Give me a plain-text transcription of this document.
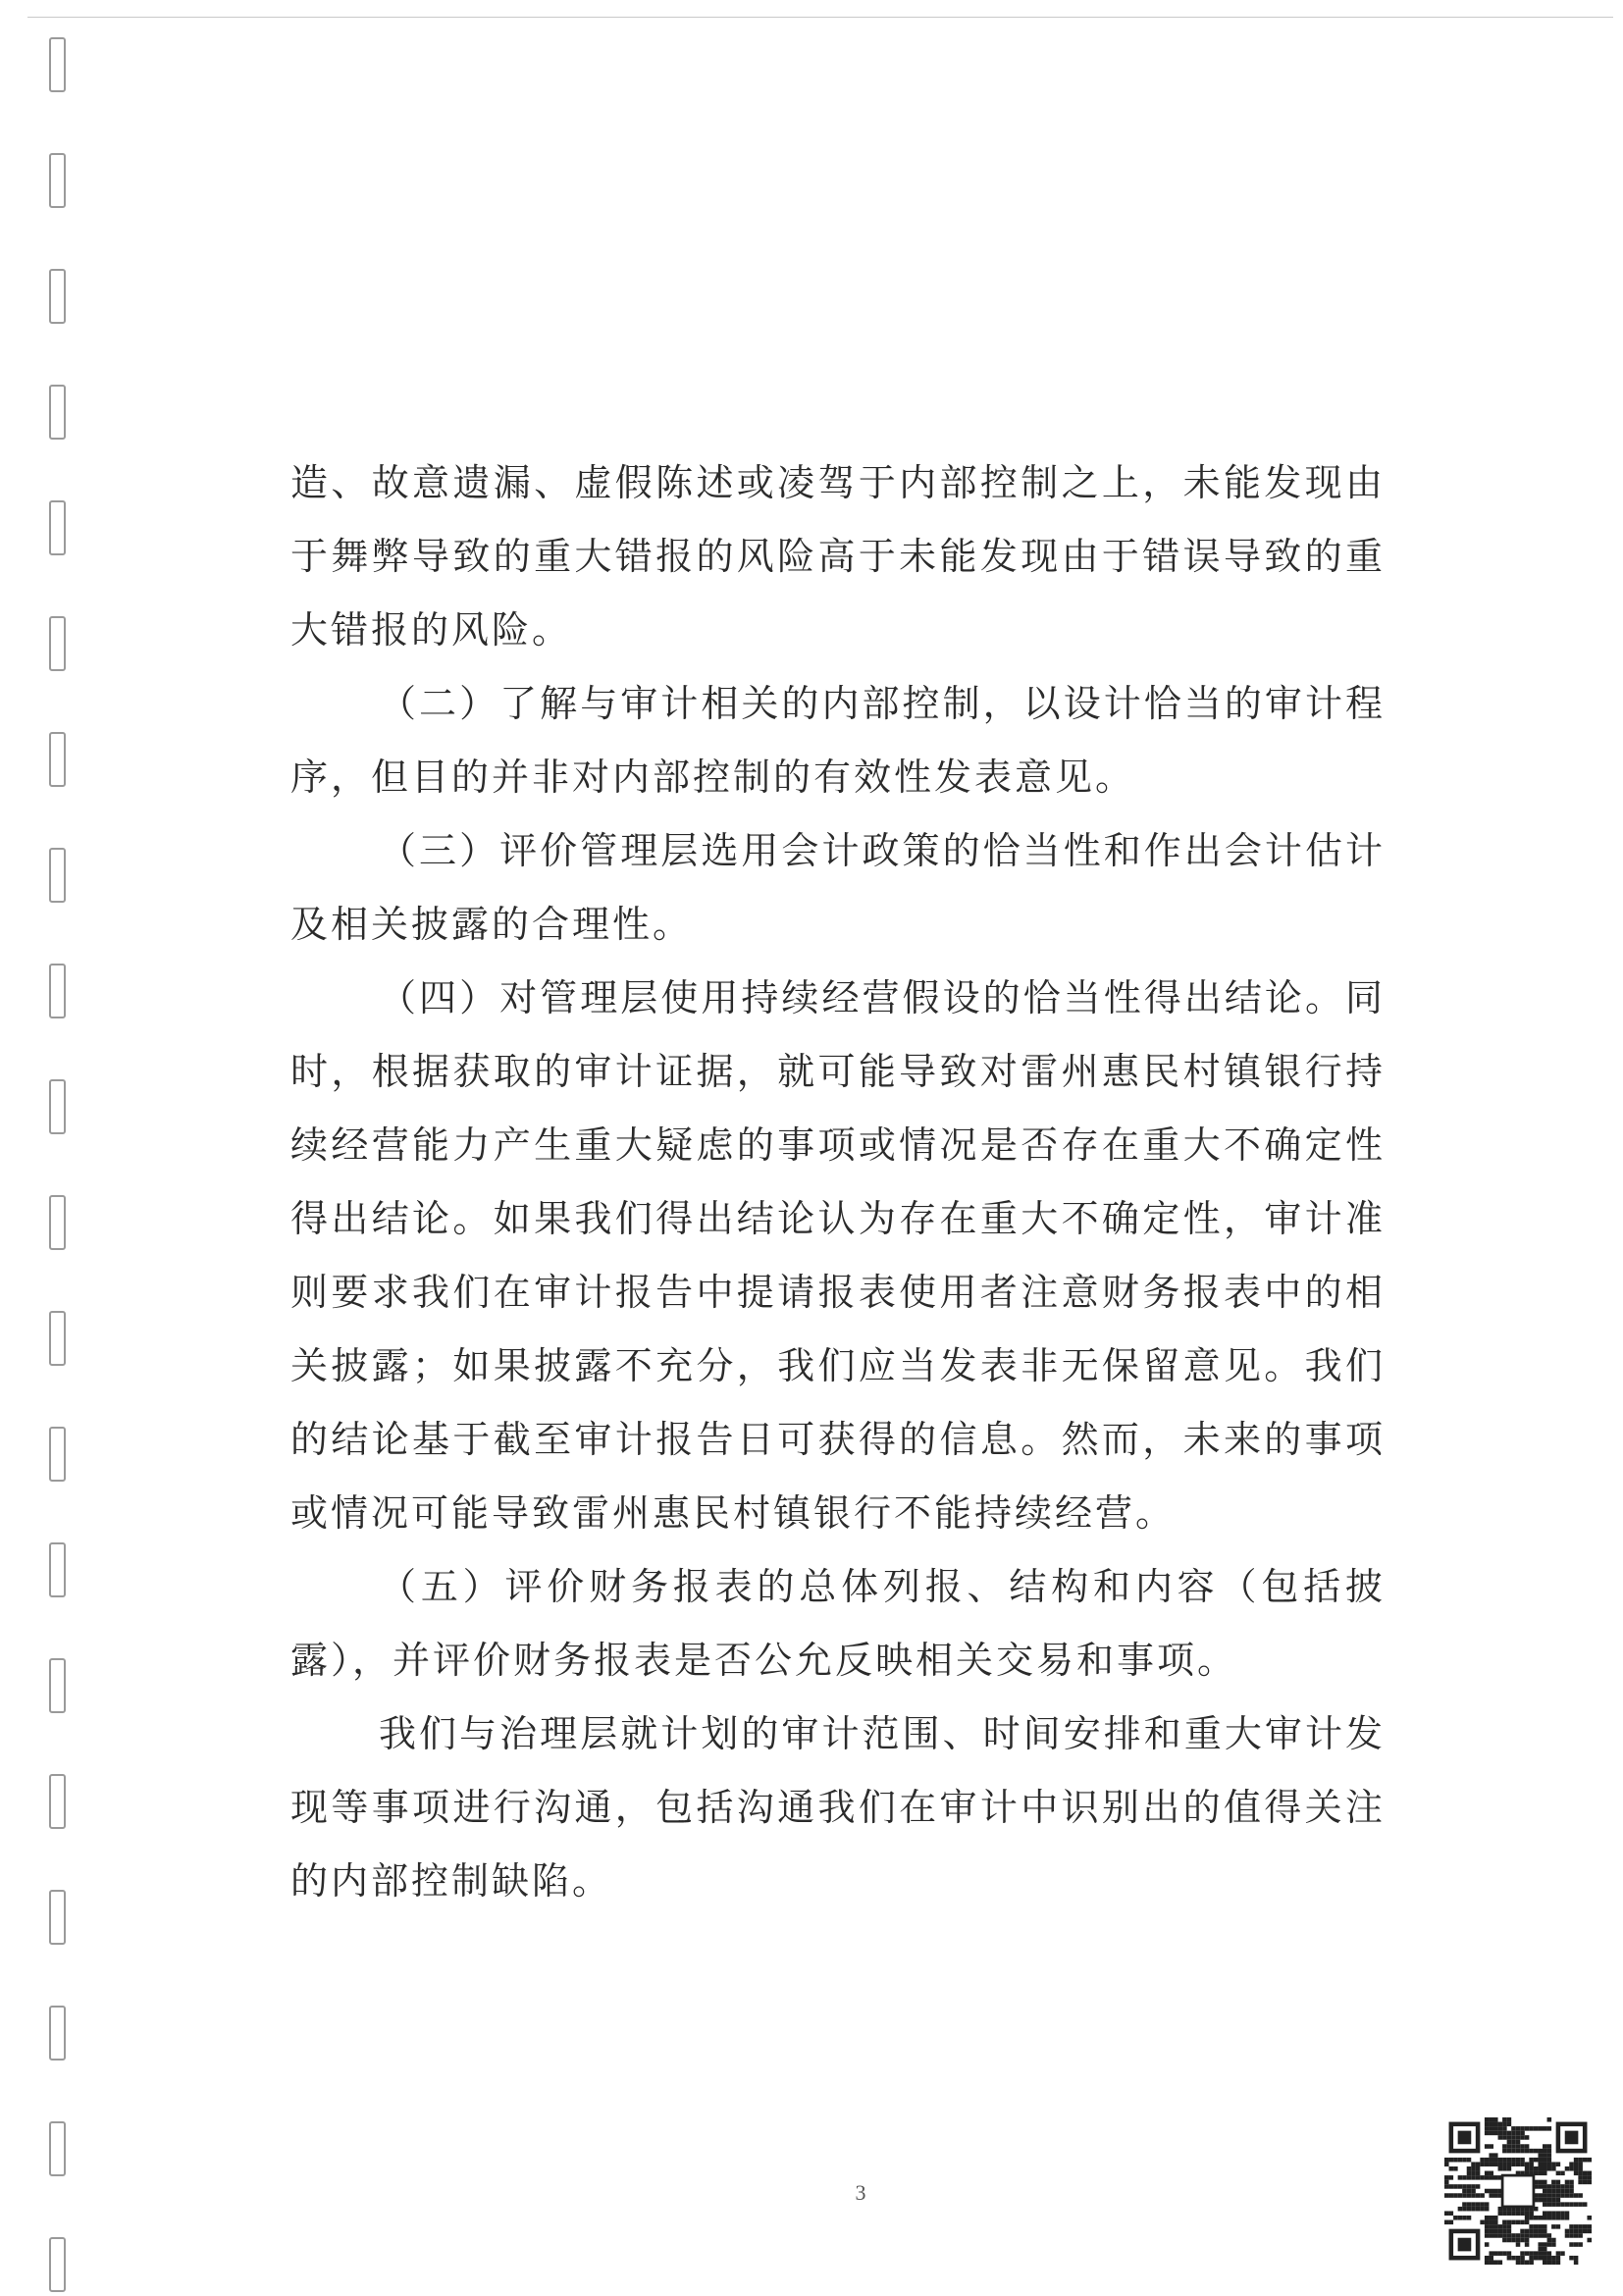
造、故意遗漏、虚假陈述或凌驾于内部控制之上，未能发现由于舞弊导致的重大错报的风险高于未能发现由于错误导致的重大错报的风险。

（二）了解与审计相关的内部控制，以设计恰当的审计程序，但目的并非对内部控制的有效性发表意见。

（三）评价管理层选用会计政策的恰当性和作出会计估计及相关披露的合理性。

（四）对管理层使用持续经营假设的恰当性得出结论。同时，根据获取的审计证据，就可能导致对雷州惠民村镇银行持续经营能力产生重大疑虑的事项或情况是否存在重大不确定性得出结论。如果我们得出结论认为存在重大不确定性，审计准则要求我们在审计报告中提请报表使用者注意财务报表中的相关披露；如果披露不充分，我们应当发表非无保留意见。我们的结论基于截至审计报告日可获得的信息。然而，未来的事项或情况可能导致雷州惠民村镇银行不能持续经营。

（五）评价财务报表的总体列报、结构和内容（包括披露），并评价财务报表是否公允反映相关交易和事项。

我们与治理层就计划的审计范围、时间安排和重大审计发现等事项进行沟通，包括沟通我们在审计中识别出的值得关注的内部控制缺陷。

3
